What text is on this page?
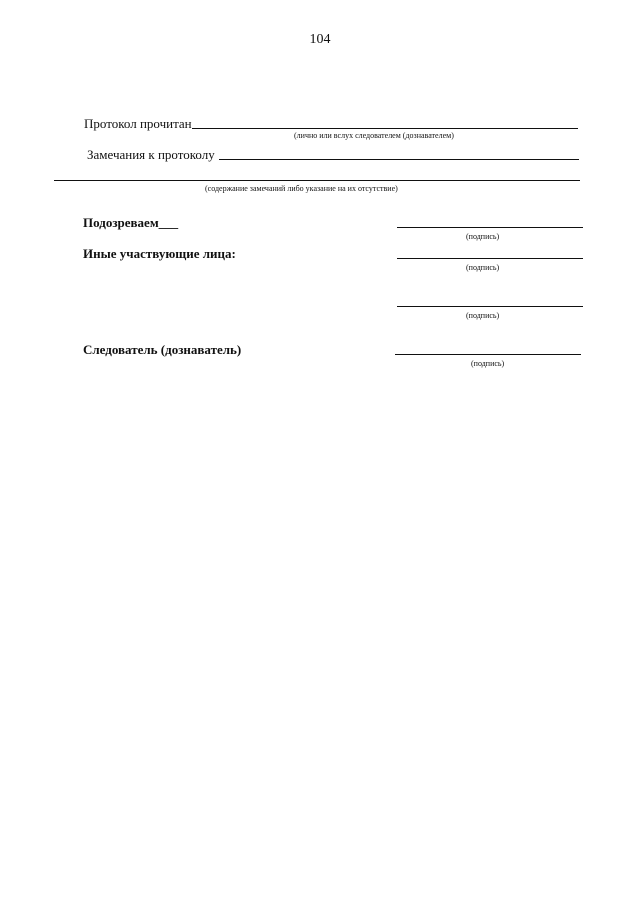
104
Протокол прочитан
(лично или вслух следователем (дознавателем)
Замечания к протоколу
(содержание замечаний либо указание на их отсутствие)
Подозреваем___
(подпись)
Иные участвующие лица:
(подпись)
(подпись)
Следователь (дознаватель)
(подпись)
